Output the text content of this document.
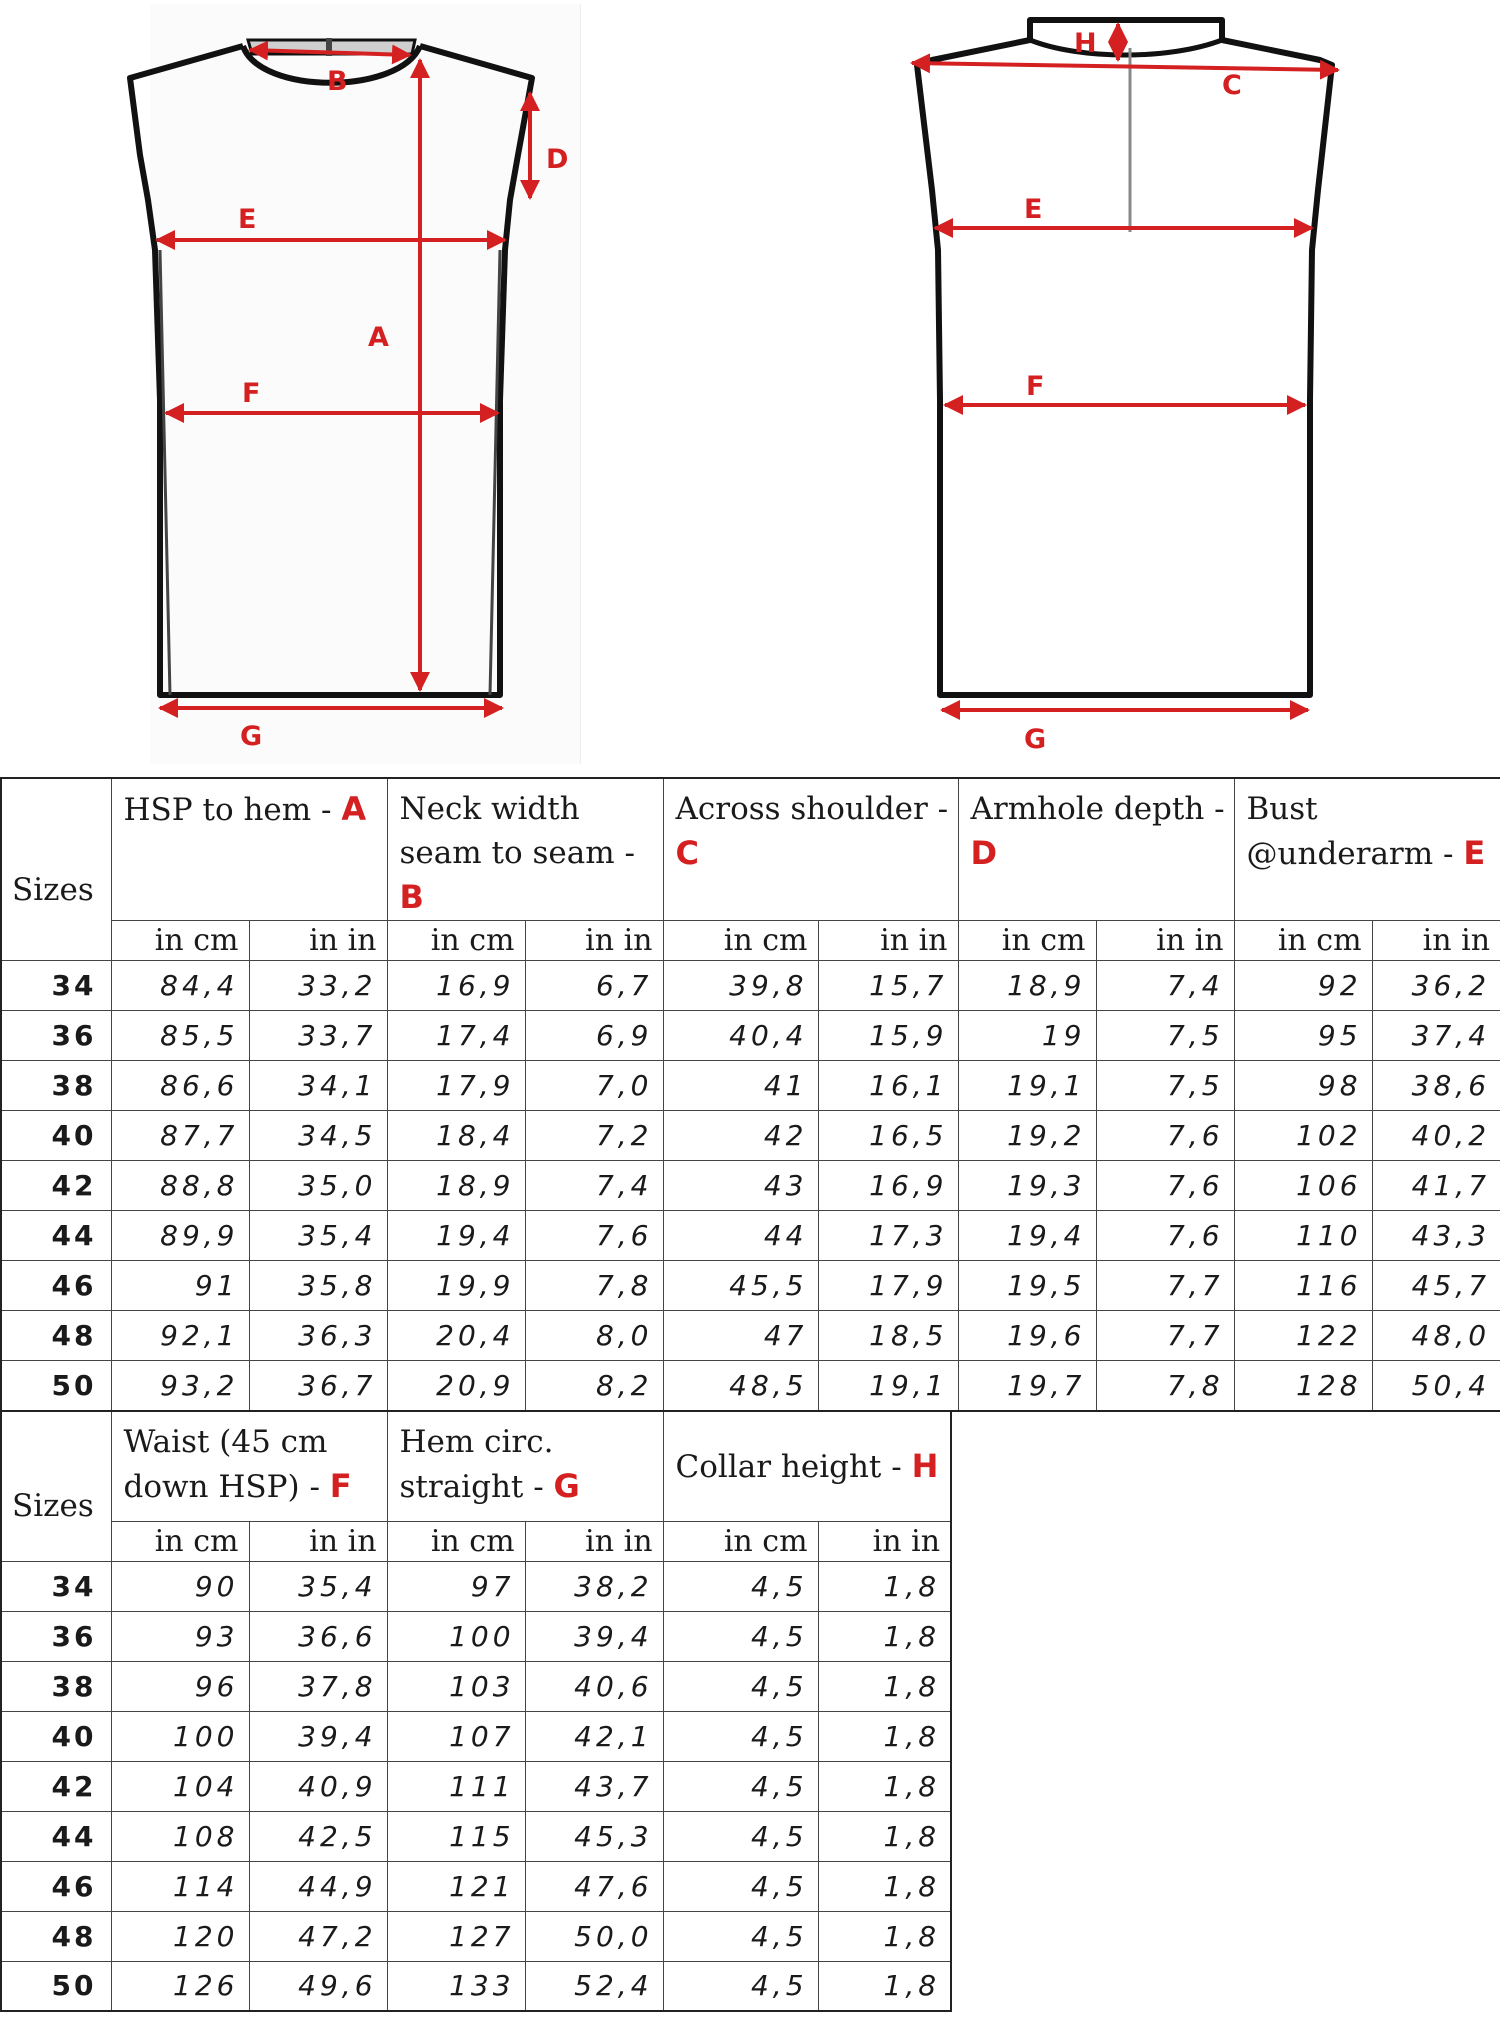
B
D
E
A
F
G
H
C
E
F
G
Sizes	HSP to hem - A		Neck width seam to seam - B		Across shoulder - C		Armhole depth - D		Bust @underarm - E	
	in cm	in in	in cm	in in	in cm	in in	in cm	in in	in cm	in in
34	84,4	33,2	16,9	6,7	39,8	15,7	18,9	7,4	92	36,2
36	85,5	33,7	17,4	6,9	40,4	15,9	19	7,5	95	37,4
38	86,6	34,1	17,9	7,0	41	16,1	19,1	7,5	98	38,6
40	87,7	34,5	18,4	7,2	42	16,5	19,2	7,6	102	40,2
42	88,8	35,0	18,9	7,4	43	16,9	19,3	7,6	106	41,7
44	89,9	35,4	19,4	7,6	44	17,3	19,4	7,6	110	43,3
46	91	35,8	19,9	7,8	45,5	17,9	19,5	7,7	116	45,7
48	92,1	36,3	20,4	8,0	47	18,5	19,6	7,7	122	48,0
50	93,2	36,7	20,9	8,2	48,5	19,1	19,7	7,8	128	50,4
Sizes	Waist (45 cm down HSP) - F		Hem circ. straight - G		Collar height - H	
	in cm	in in	in cm	in in	in cm	in in
34	90	35,4	97	38,2	4,5	1,8
36	93	36,6	100	39,4	4,5	1,8
38	96	37,8	103	40,6	4,5	1,8
40	100	39,4	107	42,1	4,5	1,8
42	104	40,9	111	43,7	4,5	1,8
44	108	42,5	115	45,3	4,5	1,8
46	114	44,9	121	47,6	4,5	1,8
48	120	47,2	127	50,0	4,5	1,8
50	126	49,6	133	52,4	4,5	1,8
